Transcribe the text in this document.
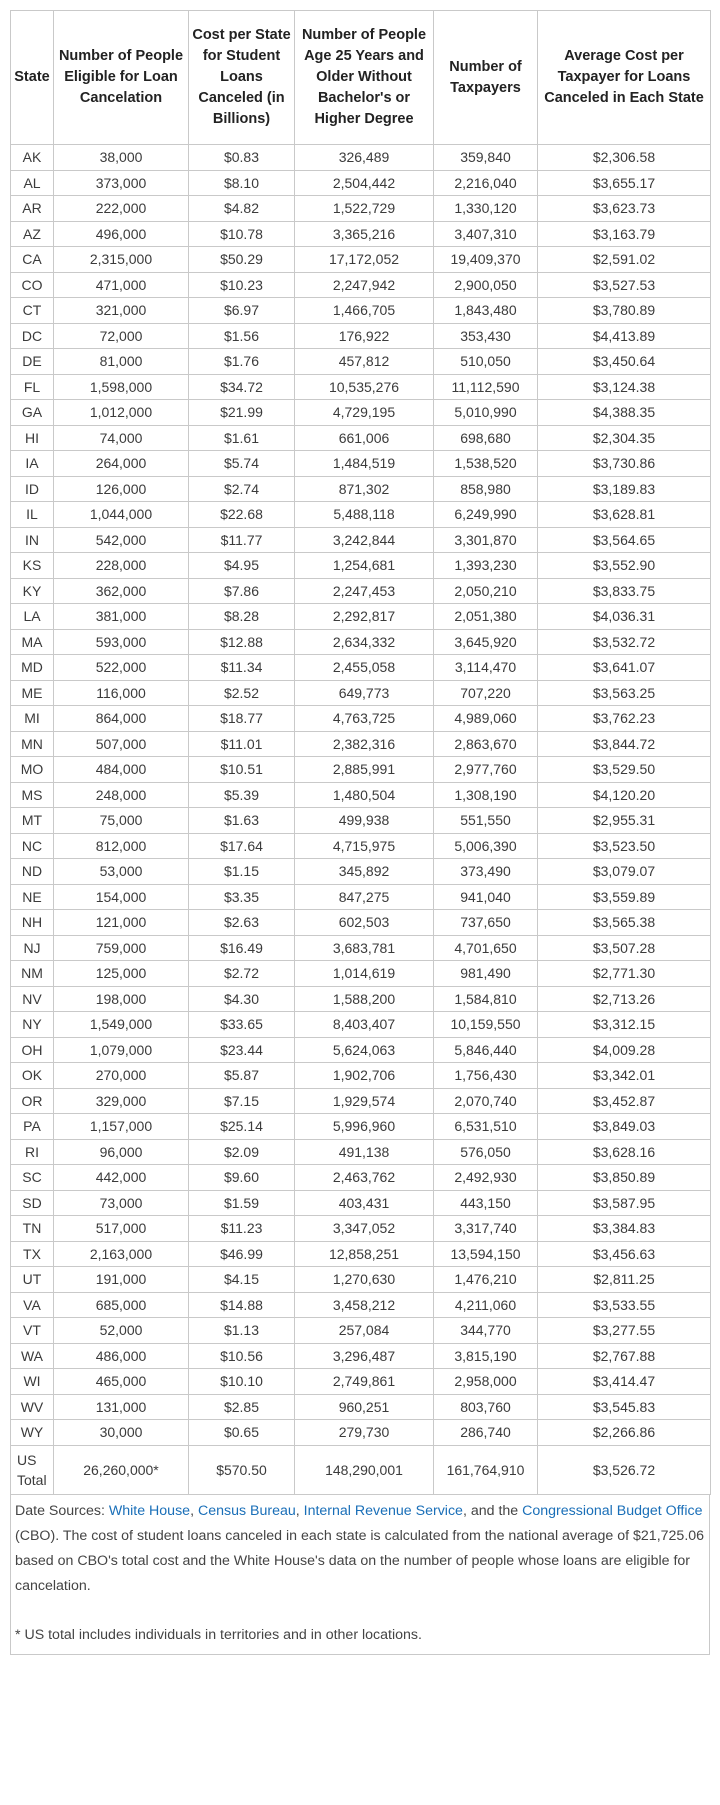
State	Number of People Eligible for Loan Cancelation	Cost per State for Student Loans Canceled (in Billions)	Number of People Age 25 Years and Older Without Bachelor's or Higher Degree	Number of Taxpayers	Average Cost per Taxpayer for Loans Canceled in Each State
AK	38,000	$0.83	326,489	359,840	$2,306.58
AL	373,000	$8.10	2,504,442	2,216,040	$3,655.17
AR	222,000	$4.82	1,522,729	1,330,120	$3,623.73
AZ	496,000	$10.78	3,365,216	3,407,310	$3,163.79
CA	2,315,000	$50.29	17,172,052	19,409,370	$2,591.02
CO	471,000	$10.23	2,247,942	2,900,050	$3,527.53
CT	321,000	$6.97	1,466,705	1,843,480	$3,780.89
DC	72,000	$1.56	176,922	353,430	$4,413.89
DE	81,000	$1.76	457,812	510,050	$3,450.64
FL	1,598,000	$34.72	10,535,276	11,112,590	$3,124.38
GA	1,012,000	$21.99	4,729,195	5,010,990	$4,388.35
HI	74,000	$1.61	661,006	698,680	$2,304.35
IA	264,000	$5.74	1,484,519	1,538,520	$3,730.86
ID	126,000	$2.74	871,302	858,980	$3,189.83
IL	1,044,000	$22.68	5,488,118	6,249,990	$3,628.81
IN	542,000	$11.77	3,242,844	3,301,870	$3,564.65
KS	228,000	$4.95	1,254,681	1,393,230	$3,552.90
KY	362,000	$7.86	2,247,453	2,050,210	$3,833.75
LA	381,000	$8.28	2,292,817	2,051,380	$4,036.31
MA	593,000	$12.88	2,634,332	3,645,920	$3,532.72
MD	522,000	$11.34	2,455,058	3,114,470	$3,641.07
ME	116,000	$2.52	649,773	707,220	$3,563.25
MI	864,000	$18.77	4,763,725	4,989,060	$3,762.23
MN	507,000	$11.01	2,382,316	2,863,670	$3,844.72
MO	484,000	$10.51	2,885,991	2,977,760	$3,529.50
MS	248,000	$5.39	1,480,504	1,308,190	$4,120.20
MT	75,000	$1.63	499,938	551,550	$2,955.31
NC	812,000	$17.64	4,715,975	5,006,390	$3,523.50
ND	53,000	$1.15	345,892	373,490	$3,079.07
NE	154,000	$3.35	847,275	941,040	$3,559.89
NH	121,000	$2.63	602,503	737,650	$3,565.38
NJ	759,000	$16.49	3,683,781	4,701,650	$3,507.28
NM	125,000	$2.72	1,014,619	981,490	$2,771.30
NV	198,000	$4.30	1,588,200	1,584,810	$2,713.26
NY	1,549,000	$33.65	8,403,407	10,159,550	$3,312.15
OH	1,079,000	$23.44	5,624,063	5,846,440	$4,009.28
OK	270,000	$5.87	1,902,706	1,756,430	$3,342.01
OR	329,000	$7.15	1,929,574	2,070,740	$3,452.87
PA	1,157,000	$25.14	5,996,960	6,531,510	$3,849.03
RI	96,000	$2.09	491,138	576,050	$3,628.16
SC	442,000	$9.60	2,463,762	2,492,930	$3,850.89
SD	73,000	$1.59	403,431	443,150	$3,587.95
TN	517,000	$11.23	3,347,052	3,317,740	$3,384.83
TX	2,163,000	$46.99	12,858,251	13,594,150	$3,456.63
UT	191,000	$4.15	1,270,630	1,476,210	$2,811.25
VA	685,000	$14.88	3,458,212	4,211,060	$3,533.55
VT	52,000	$1.13	257,084	344,770	$3,277.55
WA	486,000	$10.56	3,296,487	3,815,190	$2,767.88
WI	465,000	$10.10	2,749,861	2,958,000	$3,414.47
WV	131,000	$2.85	960,251	803,760	$3,545.83
WY	30,000	$0.65	279,730	286,740	$2,266.86
US Total	26,260,000*	$570.50	148,290,001	161,764,910	$3,526.72
Date Sources: White House, Census Bureau, Internal Revenue Service, and the Congressional Budget Office (CBO). The cost of student loans canceled in each state is calculated from the national average of $21,725.06 based on CBO's total cost and the White House's data on the number of people whose loans are eligible for cancelation.
* US total includes individuals in territories and in other locations.
